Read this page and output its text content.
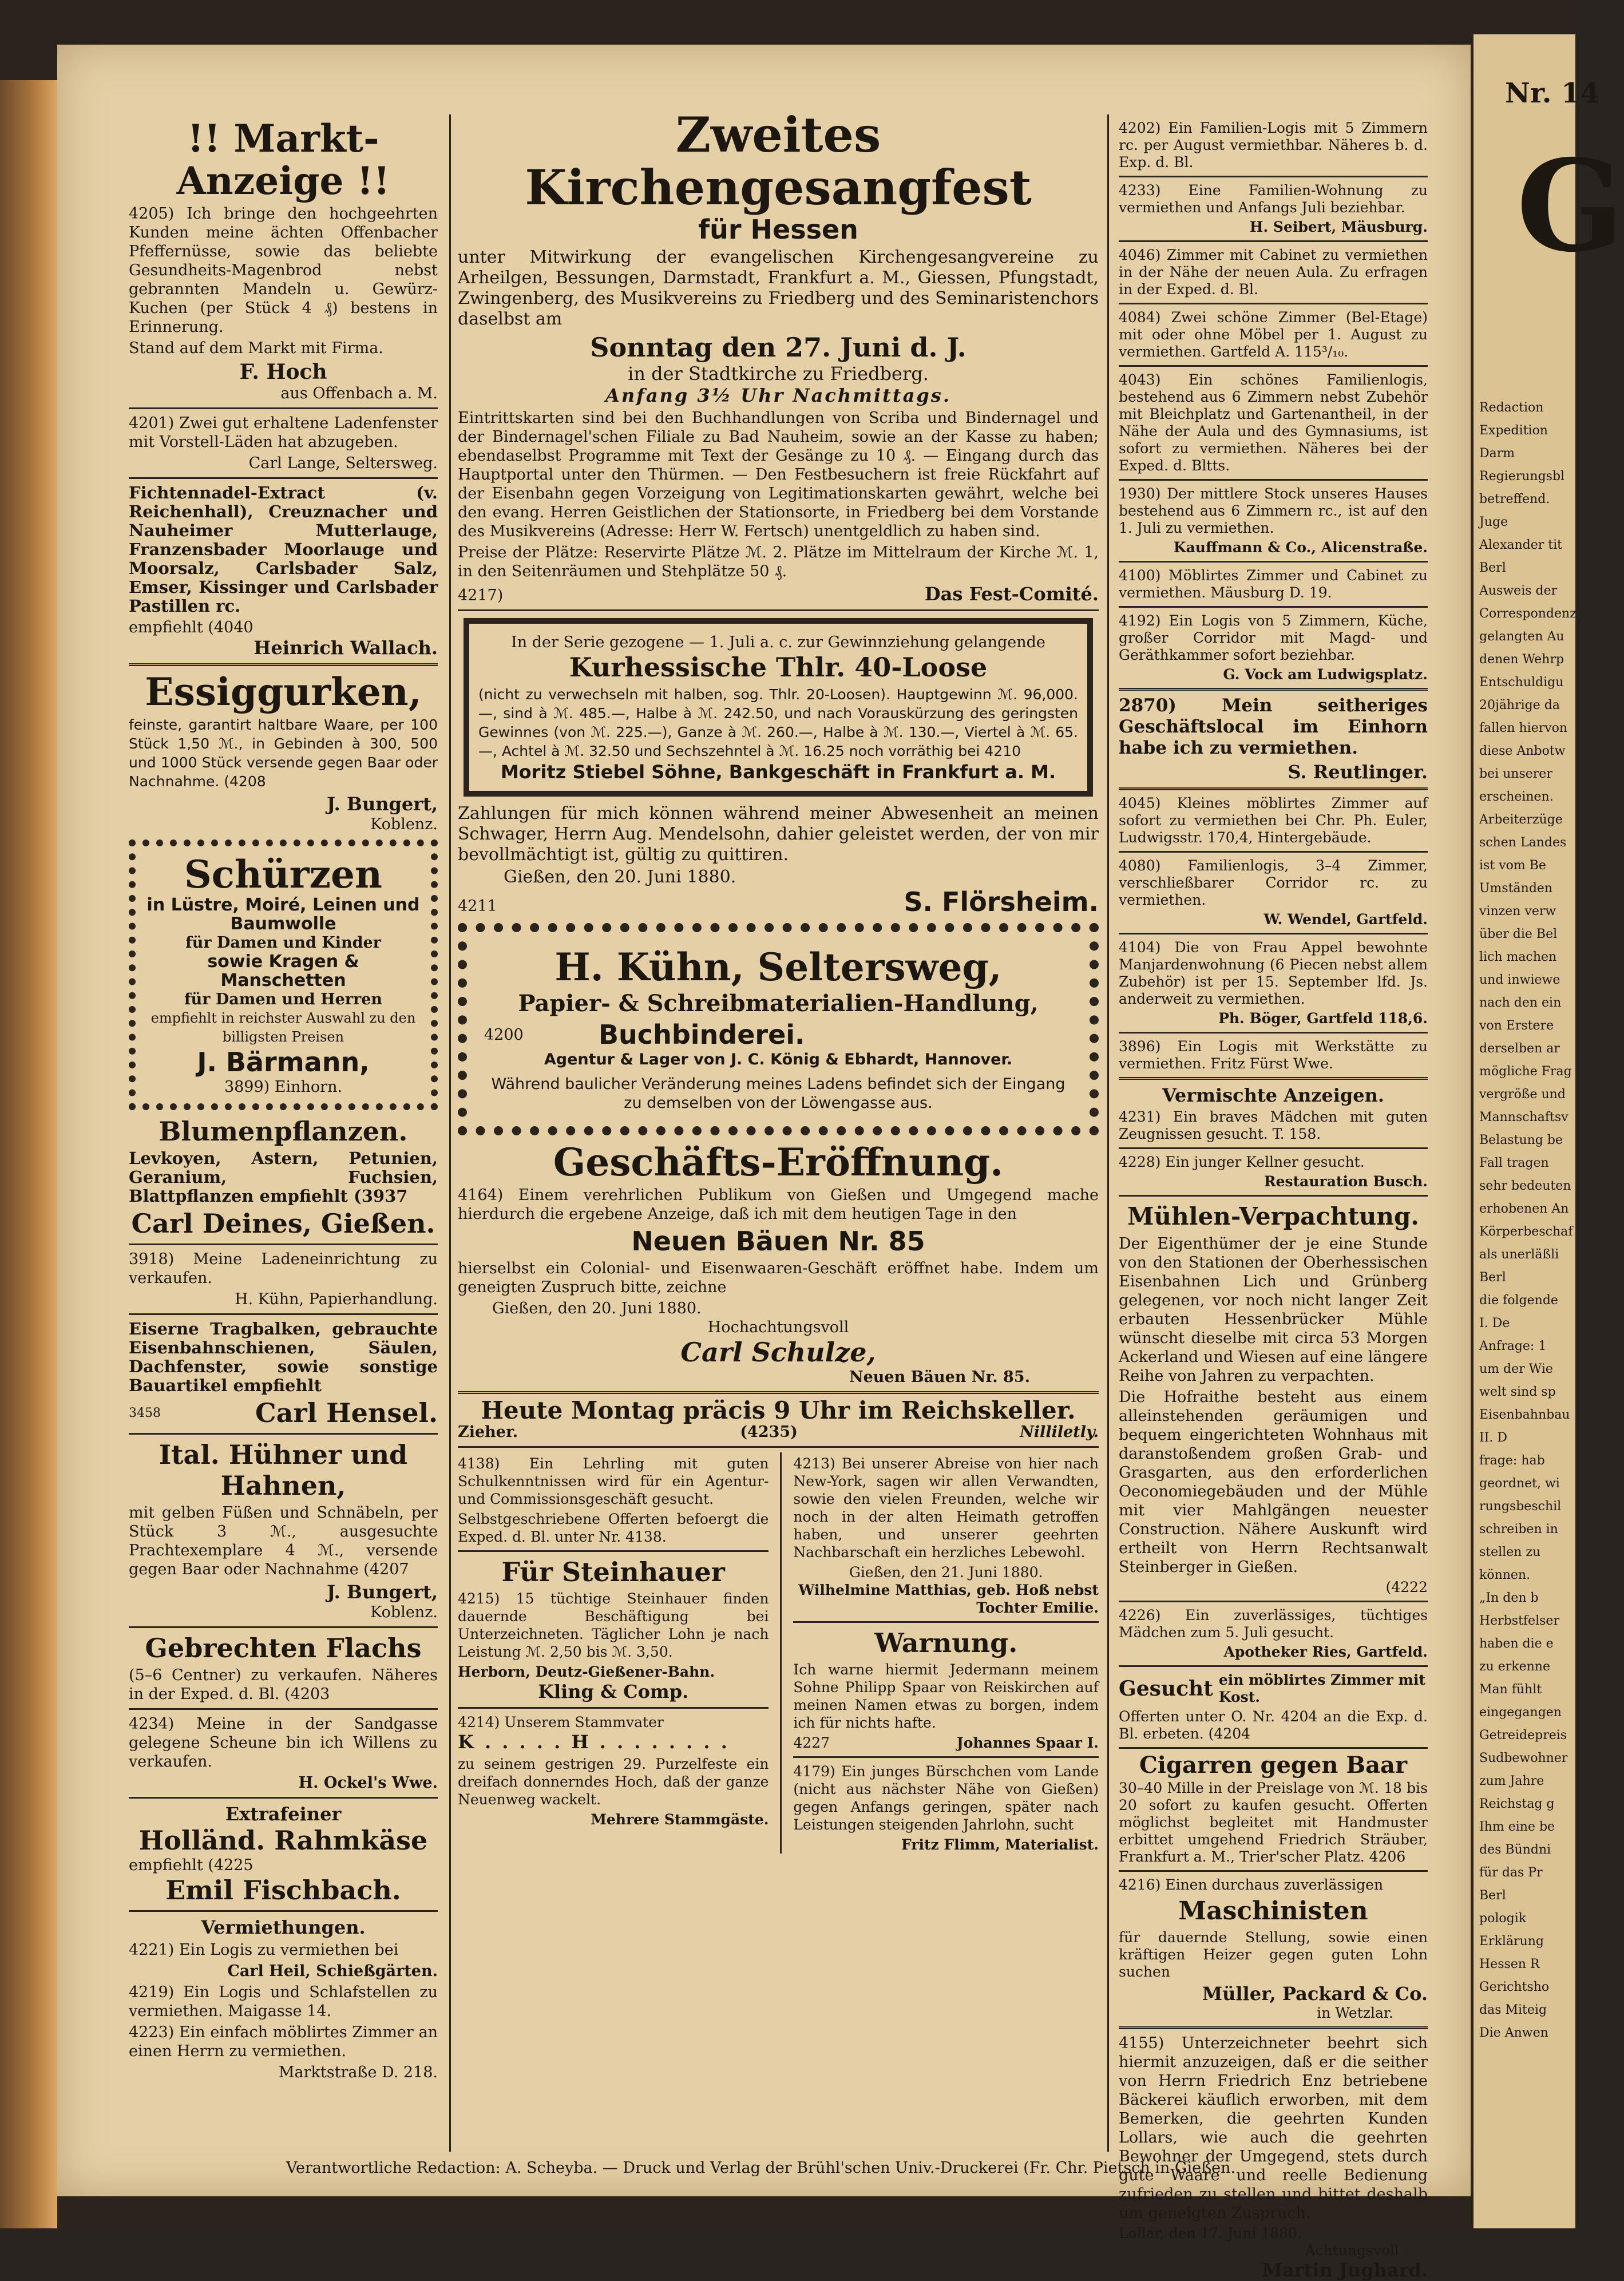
!! Markt-Anzeige !!
4205) Ich bringe den hochgeehrten Kunden meine ächten Offenbacher Pfeffernüsse, sowie das beliebte Gesundheits-Magenbrod nebst gebrannten Mandeln u. Gewürz-Kuchen (per Stück 4 ₰) bestens in Erinnerung.
Stand auf dem Markt mit Firma.
F. Hoch
aus Offenbach a. M.
4201) Zwei gut erhaltene Ladenfenster mit Vorstell-Läden hat abzugeben.
Carl Lange, Seltersweg.
Fichtennadel-Extract (v. Reichenhall), Creuznacher und Nauheimer Mutterlauge, Franzensbader Moorlauge und Moorsalz, Carlsbader Salz, Emser, Kissinger und Carlsbader Pastillen rc.
empfiehlt (4040
Heinrich Wallach.
Essiggurken,
feinste, garantirt haltbare Waare, per 100 Stück 1,50 ℳ., in Gebinden à 300, 500 und 1000 Stück versende gegen Baar oder Nachnahme. (4208
J. Bungert,
Koblenz.
Schürzen
in Lüstre, Moiré, Leinen und Baumwolle
für Damen und Kinder
sowie Kragen & Manschetten
für Damen und Herren
empfiehlt in reichster Auswahl zu den billigsten Preisen
J. Bärmann,
3899) Einhorn.
Blumenpflanzen.
Levkoyen, Astern, Petunien, Geranium, Fuchsien, Blattpflanzen empfiehlt (3937
Carl Deines, Gießen.
3918) Meine Ladeneinrichtung zu verkaufen.
H. Kühn, Papierhandlung.
Eiserne Tragbalken, gebrauchte Eisenbahnschienen, Säulen, Dachfenster, sowie sonstige Bauartikel empfiehlt
3458	Carl Hensel.
Ital. Hühner und Hahnen,
mit gelben Füßen und Schnäbeln, per Stück 3 ℳ., ausgesuchte Prachtexemplare 4 ℳ., versende gegen Baar oder Nachnahme (4207
J. Bungert,
Koblenz.
Gebrechten Flachs
(5–6 Centner) zu verkaufen. Näheres in der Exped. d. Bl. (4203
4234) Meine in der Sandgasse gelegene Scheune bin ich Willens zu verkaufen.
H. Ockel's Wwe.
Extrafeiner
Holländ. Rahmkäse
empfiehlt (4225
Emil Fischbach.
Vermiethungen.
4221) Ein Logis zu vermiethen bei
Carl Heil, Schießgärten.
4219) Ein Logis und Schlafstellen zu vermiethen. Maigasse 14.
4223) Ein einfach möblirtes Zimmer an einen Herrn zu vermiethen.
Marktstraße D. 218.
Zweites Kirchengesangfest
für Hessen
unter Mitwirkung der evangelischen Kirchengesangvereine zu Arheilgen, Bessungen, Darmstadt, Frankfurt a. M., Giessen, Pfungstadt, Zwingenberg, des Musikvereins zu Friedberg und des Seminaristenchors daselbst am
Sonntag den 27. Juni d. J.
in der Stadtkirche zu Friedberg.
Anfang 3½ Uhr Nachmittags.
Eintrittskarten sind bei den Buchhandlungen von Scriba und Bindernagel und der Bindernagel'schen Filiale zu Bad Nauheim, sowie an der Kasse zu haben; ebendaselbst Programme mit Text der Gesänge zu 10 ₰. — Eingang durch das Hauptportal unter den Thürmen. — Den Festbesuchern ist freie Rückfahrt auf der Eisenbahn gegen Vorzeigung von Legitimationskarten gewährt, welche bei den evang. Herren Geistlichen der Stationsorte, in Friedberg bei dem Vorstande des Musikvereins (Adresse: Herr W. Fertsch) unentgeldlich zu haben sind.
Preise der Plätze: Reservirte Plätze ℳ. 2. Plätze im Mittelraum der Kirche ℳ. 1, in den Seitenräumen und Stehplätze 50 ₰.
4217)	Das Fest-Comité.
In der Serie gezogene — 1. Juli a. c. zur Gewinnziehung gelangende
Kurhessische Thlr. 40-Loose
(nicht zu verwechseln mit halben, sog. Thlr. 20-Loosen). Hauptgewinn ℳ. 96,000.—, sind à ℳ. 485.—, Halbe à ℳ. 242.50, und nach Vorauskürzung des geringsten Gewinnes (von ℳ. 225.—), Ganze à ℳ. 260.—, Halbe à ℳ. 130.—, Viertel à ℳ. 65.—, Achtel à ℳ. 32.50 und Sechszehntel à ℳ. 16.25 noch vorräthig bei 4210
Moritz Stiebel Söhne, Bankgeschäft in Frankfurt a. M.
Zahlungen für mich können während meiner Abwesenheit an meinen Schwager, Herrn Aug. Mendelsohn, dahier geleistet werden, der von mir bevollmächtigt ist, gültig zu quittiren.
Gießen, den 20. Juni 1880.
4211	S. Flörsheim.
H. Kühn, Seltersweg,
Papier- & Schreibmaterialien-Handlung,
4200	Buchbinderei.
Agentur & Lager von J. C. König & Ebhardt, Hannover.
Während baulicher Veränderung meines Ladens befindet sich der Eingang zu demselben von der Löwengasse aus.
Geschäfts-Eröffnung.
4164) Einem verehrlichen Publikum von Gießen und Umgegend mache hierdurch die ergebene Anzeige, daß ich mit dem heutigen Tage in den
Neuen Bäuen Nr. 85
hierselbst ein Colonial- und Eisenwaaren-Geschäft eröffnet habe. Indem um geneigten Zuspruch bitte, zeichne
Gießen, den 20. Juni 1880.
Hochachtungsvoll
Carl Schulze,
Neuen Bäuen Nr. 85.
Heute Montag präcis 9 Uhr im Reichskeller.
Zieher.	(4235)	Nilliletly.
4138) Ein Lehrling mit guten Schulkenntnissen wird für ein Agentur- und Commissionsgeschäft gesucht.
Selbstgeschriebene Offerten befoergt die Exped. d. Bl. unter Nr. 4138.
Für Steinhauer
4215) 15 tüchtige Steinhauer finden dauernde Beschäftigung bei Unterzeichneten. Täglicher Lohn je nach Leistung ℳ. 2,50 bis ℳ. 3,50.
Herborn, Deutz-Gießener-Bahn.
Kling & Comp.
4214) Unserem Stammvater
K . . . . . H . . . . . . . .
zu seinem gestrigen 29. Purzelfeste ein dreifach donnerndes Hoch, daß der ganze Neuenweg wackelt.
Mehrere Stammgäste.
4213) Bei unserer Abreise von hier nach New-York, sagen wir allen Verwandten, sowie den vielen Freunden, welche wir noch in der alten Heimath getroffen haben, und unserer geehrten Nachbarschaft ein herzliches Lebewohl.
Gießen, den 21. Juni 1880.
Wilhelmine Matthias, geb. Hoß nebst Tochter Emilie.
Warnung.
Ich warne hiermit Jedermann meinem Sohne Philipp Spaar von Reiskirchen auf meinen Namen etwas zu borgen, indem ich für nichts hafte.
4227	Johannes Spaar I.
4179) Ein junges Bürschchen vom Lande (nicht aus nächster Nähe von Gießen) gegen Anfangs geringen, später nach Leistungen steigenden Jahrlohn, sucht
Fritz Flimm, Materialist.
4202) Ein Familien-Logis mit 5 Zimmern rc. per August vermiethbar. Näheres b. d. Exp. d. Bl.
4233) Eine Familien-Wohnung zu vermiethen und Anfangs Juli beziehbar.
H. Seibert, Mäusburg.
4046) Zimmer mit Cabinet zu vermiethen in der Nähe der neuen Aula. Zu erfragen in der Exped. d. Bl.
4084) Zwei schöne Zimmer (Bel-Etage) mit oder ohne Möbel per 1. August zu vermiethen. Gartfeld A. 115³/₁₀.
4043) Ein schönes Familienlogis, bestehend aus 6 Zimmern nebst Zubehör mit Bleichplatz und Gartenantheil, in der Nähe der Aula und des Gymnasiums, ist sofort zu vermiethen. Näheres bei der Exped. d. Bltts.
1930) Der mittlere Stock unseres Hauses bestehend aus 6 Zimmern rc., ist auf den 1. Juli zu vermiethen.
Kauffmann & Co., Alicenstraße.
4100) Möblirtes Zimmer und Cabinet zu vermiethen. Mäusburg D. 19.
4192) Ein Logis von 5 Zimmern, Küche, großer Corridor mit Magd- und Geräthkammer sofort beziehbar.
G. Vock am Ludwigsplatz.
2870) Mein seitheriges Geschäftslocal im Einhorn habe ich zu vermiethen.
S. Reutlinger.
4045) Kleines möblirtes Zimmer auf sofort zu vermiethen bei Chr. Ph. Euler, Ludwigsstr. 170,4, Hintergebäude.
4080) Familienlogis, 3–4 Zimmer, verschließbarer Corridor rc. zu vermiethen.
W. Wendel, Gartfeld.
4104) Die von Frau Appel bewohnte Manjardenwohnung (6 Piecen nebst allem Zubehör) ist per 15. September lfd. Js. anderweit zu vermiethen.
Ph. Böger, Gartfeld 118,6.
3896) Ein Logis mit Werkstätte zu vermiethen. Fritz Fürst Wwe.
Vermischte Anzeigen.
4231) Ein braves Mädchen mit guten Zeugnissen gesucht. T. 158.
4228) Ein junger Kellner gesucht.
Restauration Busch.
Mühlen-Verpachtung.
Der Eigenthümer der je eine Stunde von den Stationen der Oberhessischen Eisenbahnen Lich und Grünberg gelegenen, vor noch nicht langer Zeit erbauten Hessenbrücker Mühle wünscht dieselbe mit circa 53 Morgen Ackerland und Wiesen auf eine längere Reihe von Jahren zu verpachten.
Die Hofraithe besteht aus einem alleinstehenden geräumigen und bequem eingerichteten Wohnhaus mit daranstoßendem großen Grab- und Grasgarten, aus den erforderlichen Oeconomiegebäuden und der Mühle mit vier Mahlgängen neuester Construction. Nähere Auskunft wird ertheilt von Herrn Rechtsanwalt Steinberger in Gießen.
(4222
4226) Ein zuverlässiges, tüchtiges Mädchen zum 5. Juli gesucht.
Apotheker Ries, Gartfeld.
Gesucht ein möblirtes Zimmer mit Kost.
Offerten unter O. Nr. 4204 an die Exp. d. Bl. erbeten. (4204
Cigarren gegen Baar
30–40 Mille in der Preislage von ℳ. 18 bis 20 sofort zu kaufen gesucht. Offerten möglichst begleitet mit Handmuster erbittet umgehend Friedrich Sträuber, Frankfurt a. M., Trier'scher Platz. 4206
4216) Einen durchaus zuverlässigen
Maschinisten
für dauernde Stellung, sowie einen kräftigen Heizer gegen guten Lohn suchen
Müller, Packard & Co.
in Wetzlar.
4155) Unterzeichneter beehrt sich hiermit anzuzeigen, daß er die seither von Herrn Friedrich Enz betriebene Bäckerei käuflich erworben, mit dem Bemerken, die geehrten Kunden Lollars, wie auch die geehrten Bewohner der Umgegend, stets durch gute Waare und reelle Bedienung zufrieden zu stellen und bittet deshalb um geneigten Zuspruch.
Lollar, den 17. Juni 1880.
Achtungsvoll
Martin Jughard.
Verantwortliche Redaction: A. Scheyba. — Druck und Verlag der Brühl'schen Univ.-Druckerei (Fr. Chr. Pietsch in Gießen.
Nr. 14
G
Redaction
Expedition
Darm
Regierungsbl
betreffend.
Juge
Alexander tit
Berl
Ausweis der
Correspondenz
gelangten Au
denen Wehrp
Entschuldigu
20jährige da
fallen hiervon
diese Anbotw
bei unserer
erscheinen.
Arbeiterzüge
schen Landes
ist vom Be
Umständen
vinzen verw
über die Bel
lich machen
und inwiewe
nach den ein
von Erstere
derselben ar
mögliche Frag
vergröße und
Mannschaftsv
Belastung be
Fall tragen
sehr bedeuten
erhobenen An
Körperbeschaf
als unerläßli
Berl
die folgende
I. De
Anfrage: 1
um der Wie
welt sind sp
Eisenbahnbau
II. D
frage: hab
geordnet, wi
rungsbeschil
schreiben in
stellen zu
können.
„In den b
Herbstfelser
haben die e
zu erkenne
Man fühlt
eingegangen
Getreidepreis
Sudbewohner
zum Jahre
Reichstag g
Ihm eine be
des Bündni
für das Pr
Berl
pologik
Erklärung
Hessen R
Gerichtsho
das Miteig
Die Anwen
